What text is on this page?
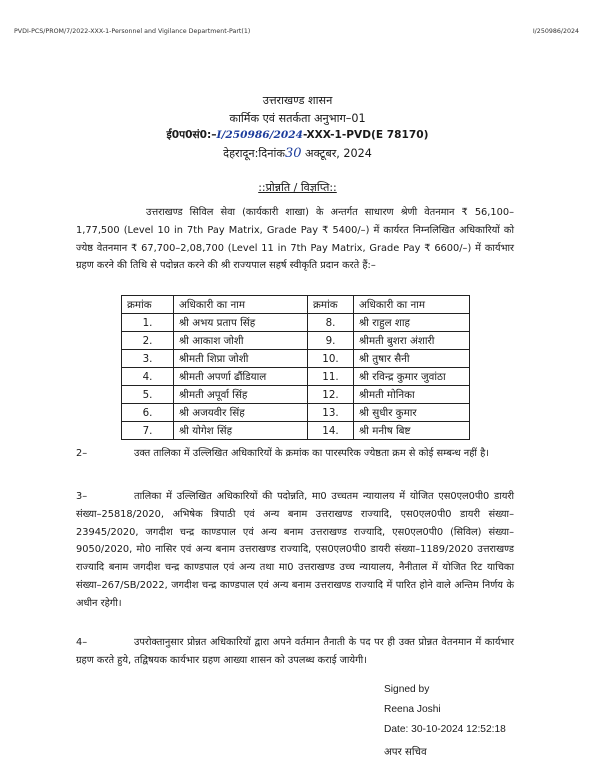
PVDI-PCS/PROM/7/2022-XXX-1-Personnel and Vigilance Department-Part(1)	I/250986/2024
उत्तराखण्ड शासन
कार्मिक एवं सतर्कता अनुभाग–01
ई0प0सं0:–I/250986/2024-XXX-1-PVD(E 78170)
देहरादून:दिनांक30 अक्टूबर, 2024
::प्रोन्नति / विज्ञप्ति::
उत्तराखण्ड सिविल सेवा (कार्यकारी शाखा) के अन्तर्गत साधारण श्रेणी वेतनमान ₹ 56,100–1,77,500 (Level 10 in 7th Pay Matrix, Grade Pay ₹ 5400/–) में कार्यरत निम्नलिखित अधिकारियों को ज्येष्ठ वेतनमान ₹ 67,700–2,08,700 (Level 11 in 7th Pay Matrix, Grade Pay ₹ 6600/–) में कार्यभार ग्रहण करने की तिथि से पदोन्नत करने की श्री राज्यपाल सहर्ष स्वीकृति प्रदान करते हैं:–
क्रमांक	अधिकारी का नाम	क्रमांक	अधिकारी का नाम
1.	श्री अभय प्रताप सिंह	8.	श्री राहुल शाह
2.	श्री आकाश जोशी	9.	श्रीमती बुशरा अंशारी
3.	श्रीमती शिप्रा जोशी	10.	श्री तुषार सैनी
4.	श्रीमती अपर्णा ढौंडियाल	11.	श्री रविन्द्र कुमार जुवांठा
5.	श्रीमती अपूर्वा सिंह	12.	श्रीमती मोनिका
6.	श्री अजयवीर सिंह	13.	श्री सुधीर कुमार
7.	श्री योगेश सिंह	14.	श्री मनीष बिष्ट
2–	उक्त तालिका में उल्लिखित अधिकारियों के क्रमांक का पारस्परिक ज्येष्ठता क्रम से कोई सम्बन्ध नहीं है।
3–	तालिका में उल्लिखित अधिकारियों की पदोन्नति, मा0 उच्चतम न्यायालय में योजित एस0एल0पी0 डायरी संख्या–25818/2020, अभिषेक त्रिपाठी एवं अन्य बनाम उत्तराखण्ड राज्यादि, एस0एल0पी0 डायरी संख्या–23945/2020, जगदीश चन्द्र काण्डपाल एवं अन्य बनाम उत्तराखण्ड राज्यादि, एस0एल0पी0 (सिविल) संख्या–9050/2020, मो0 नासिर एवं अन्य बनाम उत्तराखण्ड राज्यादि, एस0एल0पी0 डायरी संख्या–1189/2020 उत्तराखण्ड राज्यादि बनाम जगदीश चन्द्र काण्डपाल एवं अन्य तथा मा0 उत्तराखण्ड उच्च न्यायालय, नैनीताल में योजित रिट याचिका संख्या–267/SB/2022, जगदीश चन्द्र काण्डपाल एवं अन्य बनाम उत्तराखण्ड राज्यादि में पारित होने वाले अन्तिम निर्णय के अधीन रहेगी।
4–	उपरोक्तानुसार प्रोन्नत अधिकारियों द्वारा अपने वर्तमान तैनाती के पद पर ही उक्त प्रोन्नत वेतनमान में कार्यभार ग्रहण करते हुये, तद्विषयक कार्यभार ग्रहण आख्या शासन को उपलब्ध कराई जायेगी।
Signed by
Reena Joshi
Date: 30-10-2024 12:52:18
अपर सचिव
